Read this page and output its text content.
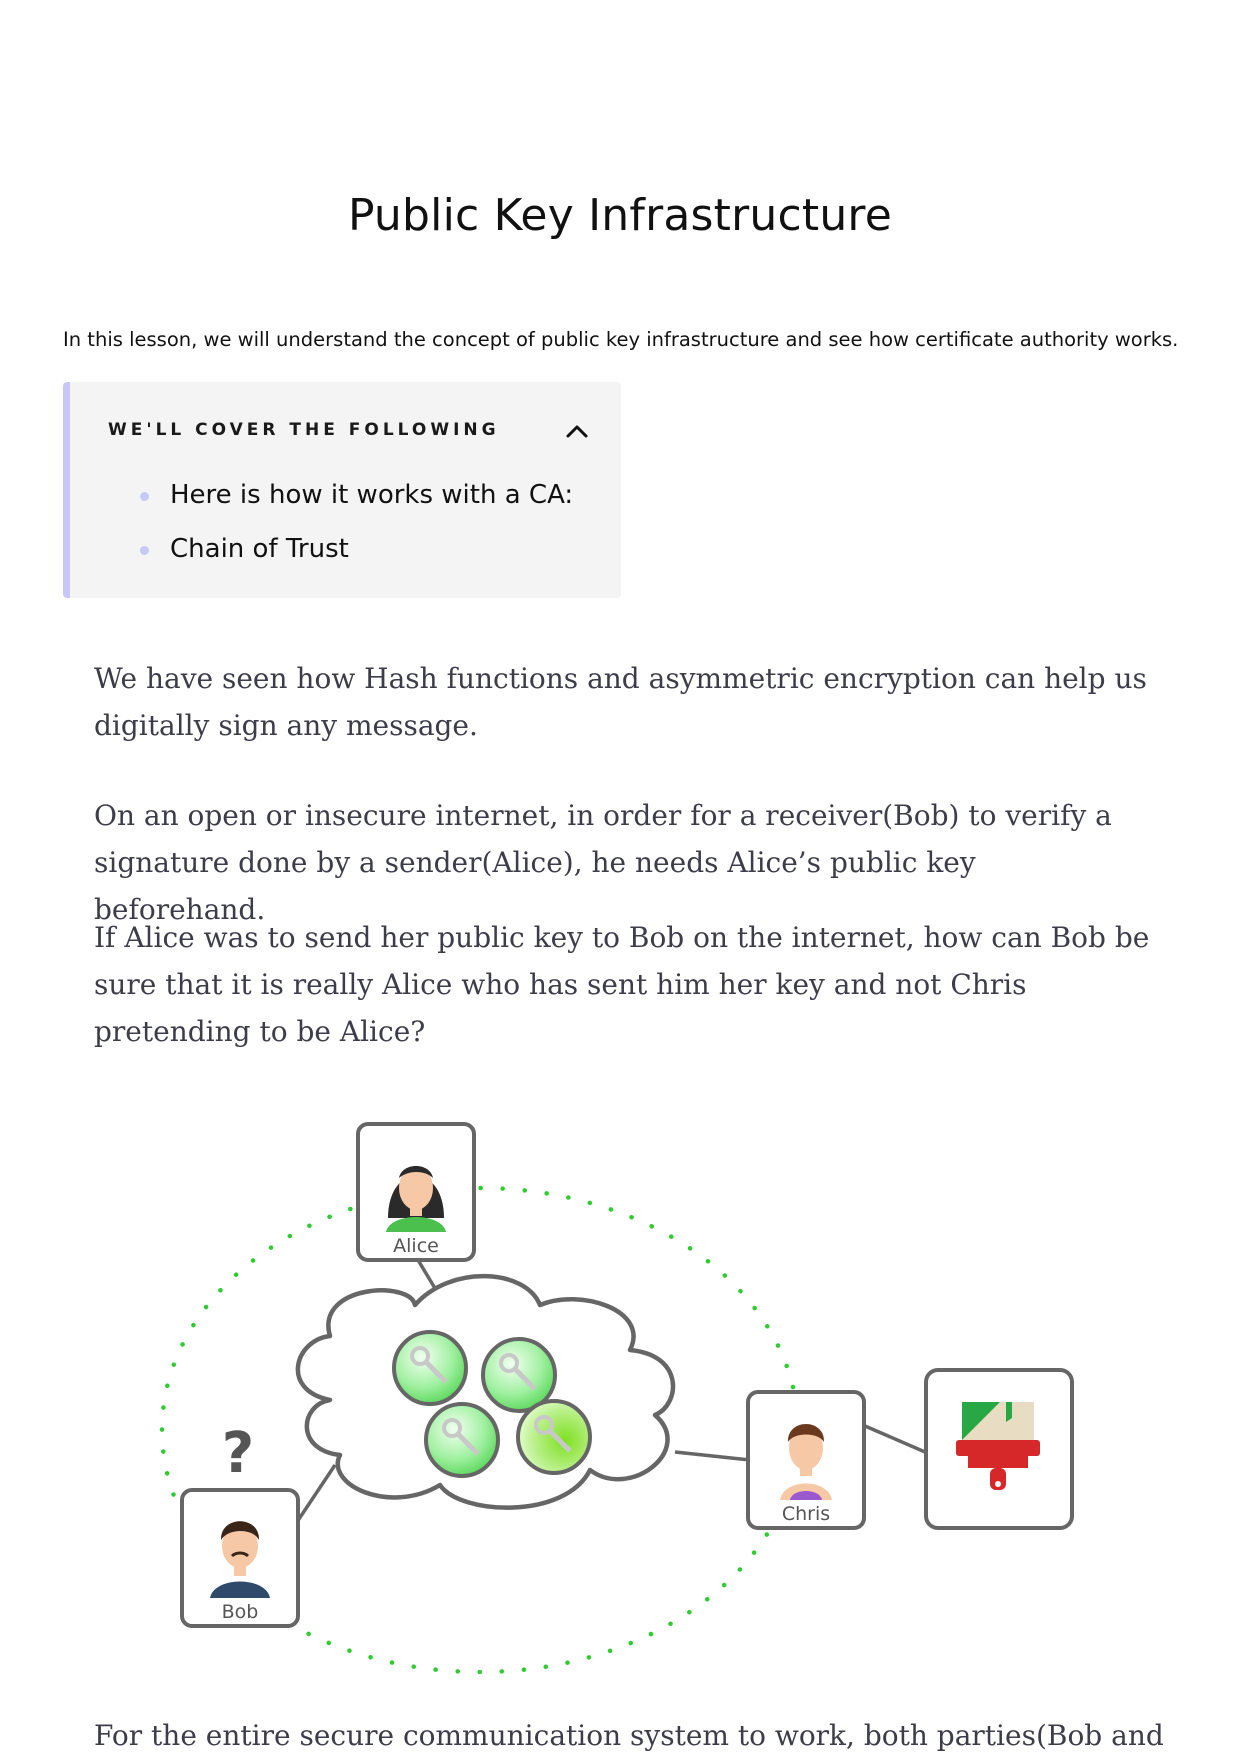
Public Key Infrastructure

In this lesson, we will understand the concept of public key infrastructure and see how certificate authority works.

WE'LL COVER THE FOLLOWING
Here is how it works with a CA:
Chain of Trust

We have seen how Hash functions and asymmetric encryption can help us digitally sign any message.

On an open or insecure internet, in order for a receiver(Bob) to verify a signature done by a sender(Alice), he needs Alice’s public key beforehand.

If Alice was to send her public key to Bob on the internet, how can Bob be sure that it is really Alice who has sent him her key and not Chris pretending to be Alice?

Alice
Bob
?
Chris

For the entire secure communication system to work, both parties(Bob and
